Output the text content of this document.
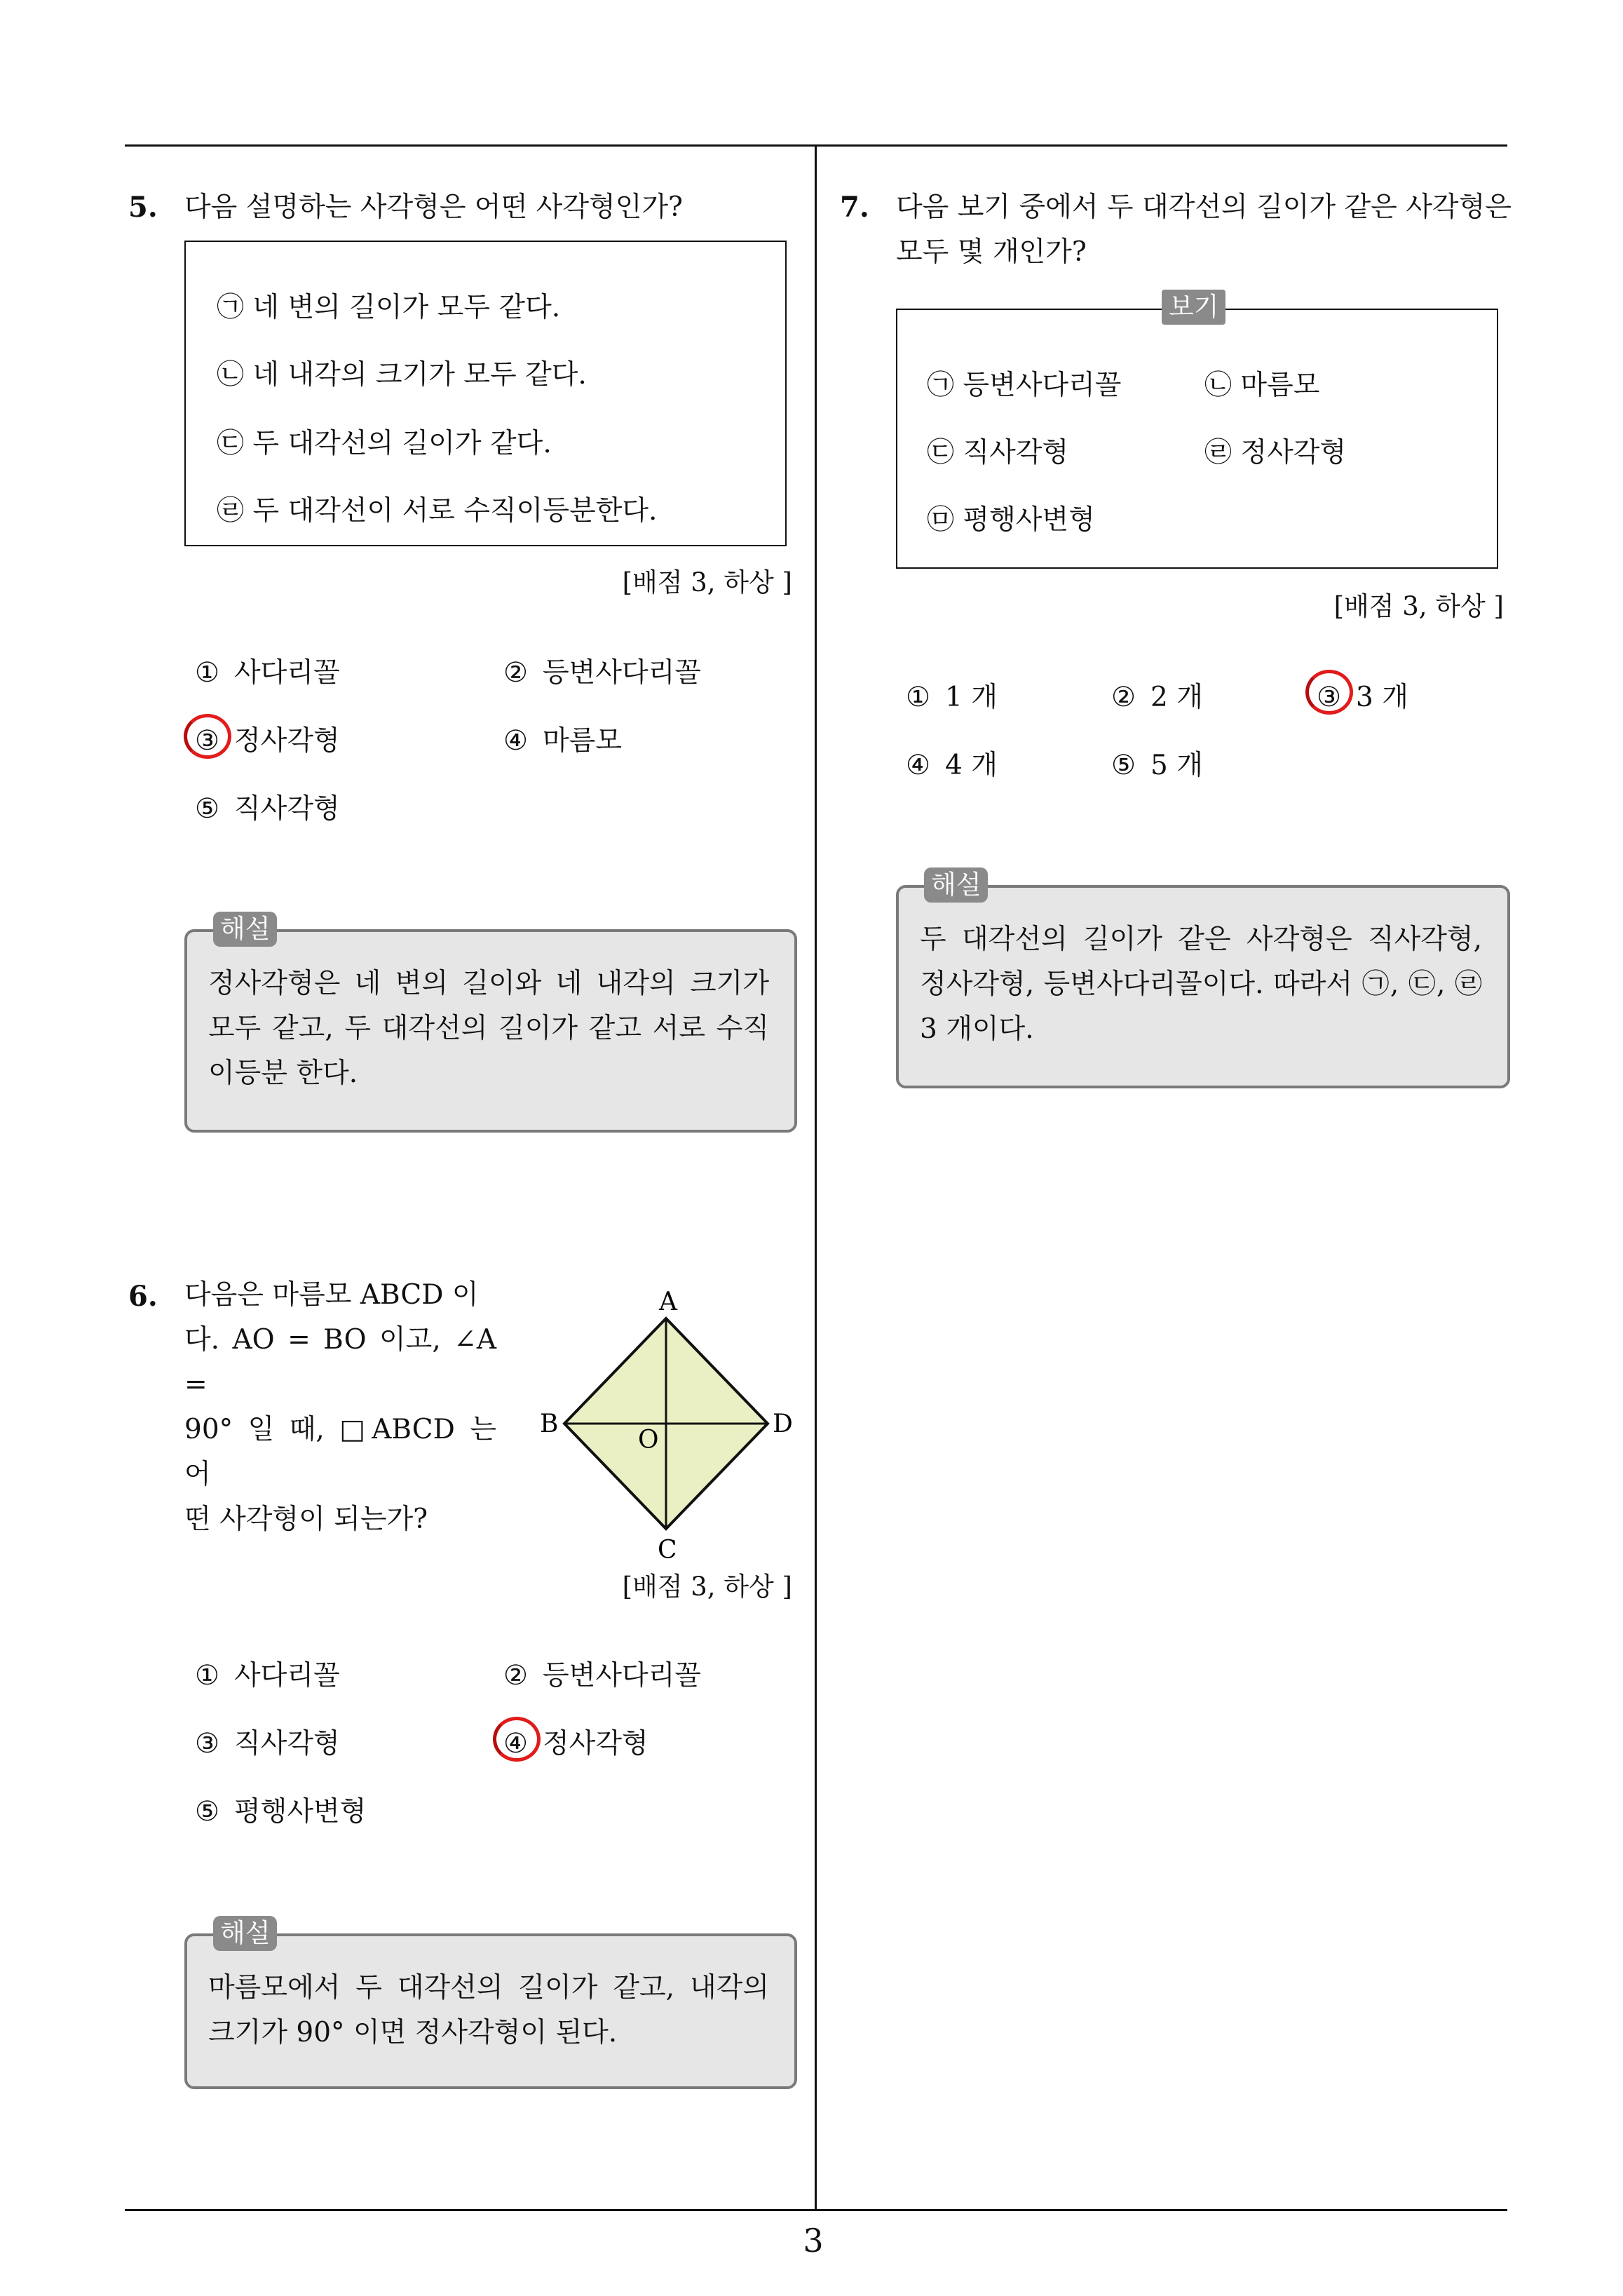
3
5. 다음 설명하는 사각형은 어떤 사각형인가?
㉠ 네 변의 길이가 모두 같다.
㉡ 네 내각의 크기가 모두 같다.
㉢ 두 대각선의 길이가 같다.
㉣ 두 대각선이 서로 수직이등분한다.
[배점 3, 하상 ]
① 사다리꼴	② 등변사다리꼴
③ 정사각형	④ 마름모
⑤ 직사각형
정사각형은 네 변의 길이와 네 내각의 크기가 모두 같고, 두 대각선의 길이가 같고 서로 수직이등분 한다.
해설
6. 다음은 마름모 ABCD 이
다. AO = BO 이고, ∠A =
90° 일 때, □ABCD 는 어
떤 사각형이 되는가?
A
B
C
D
O
[배점 3, 하상 ]
① 사다리꼴	② 등변사다리꼴
③ 직사각형	④ 정사각형
⑤ 평행사변형
마름모에서 두 대각선의 길이가 같고, 내각의 크기가 90° 이면 정사각형이 된다.
해설
7. 다음 보기 중에서 두 대각선의 길이가 같은 사각형은
모두 몇 개인가?
㉠ 등변사다리꼴	㉡ 마름모
㉢ 직사각형	㉣ 정사각형
㉤ 평행사변형
보기
[배점 3, 하상 ]
① 1 개	② 2 개	③ 3 개
④ 4 개	⑤ 5 개
두 대각선의 길이가 같은 사각형은 직사각형, 정사각형, 등변사다리꼴이다. 따라서 ㉠, ㉢, ㉣ 3 개이다.
해설
